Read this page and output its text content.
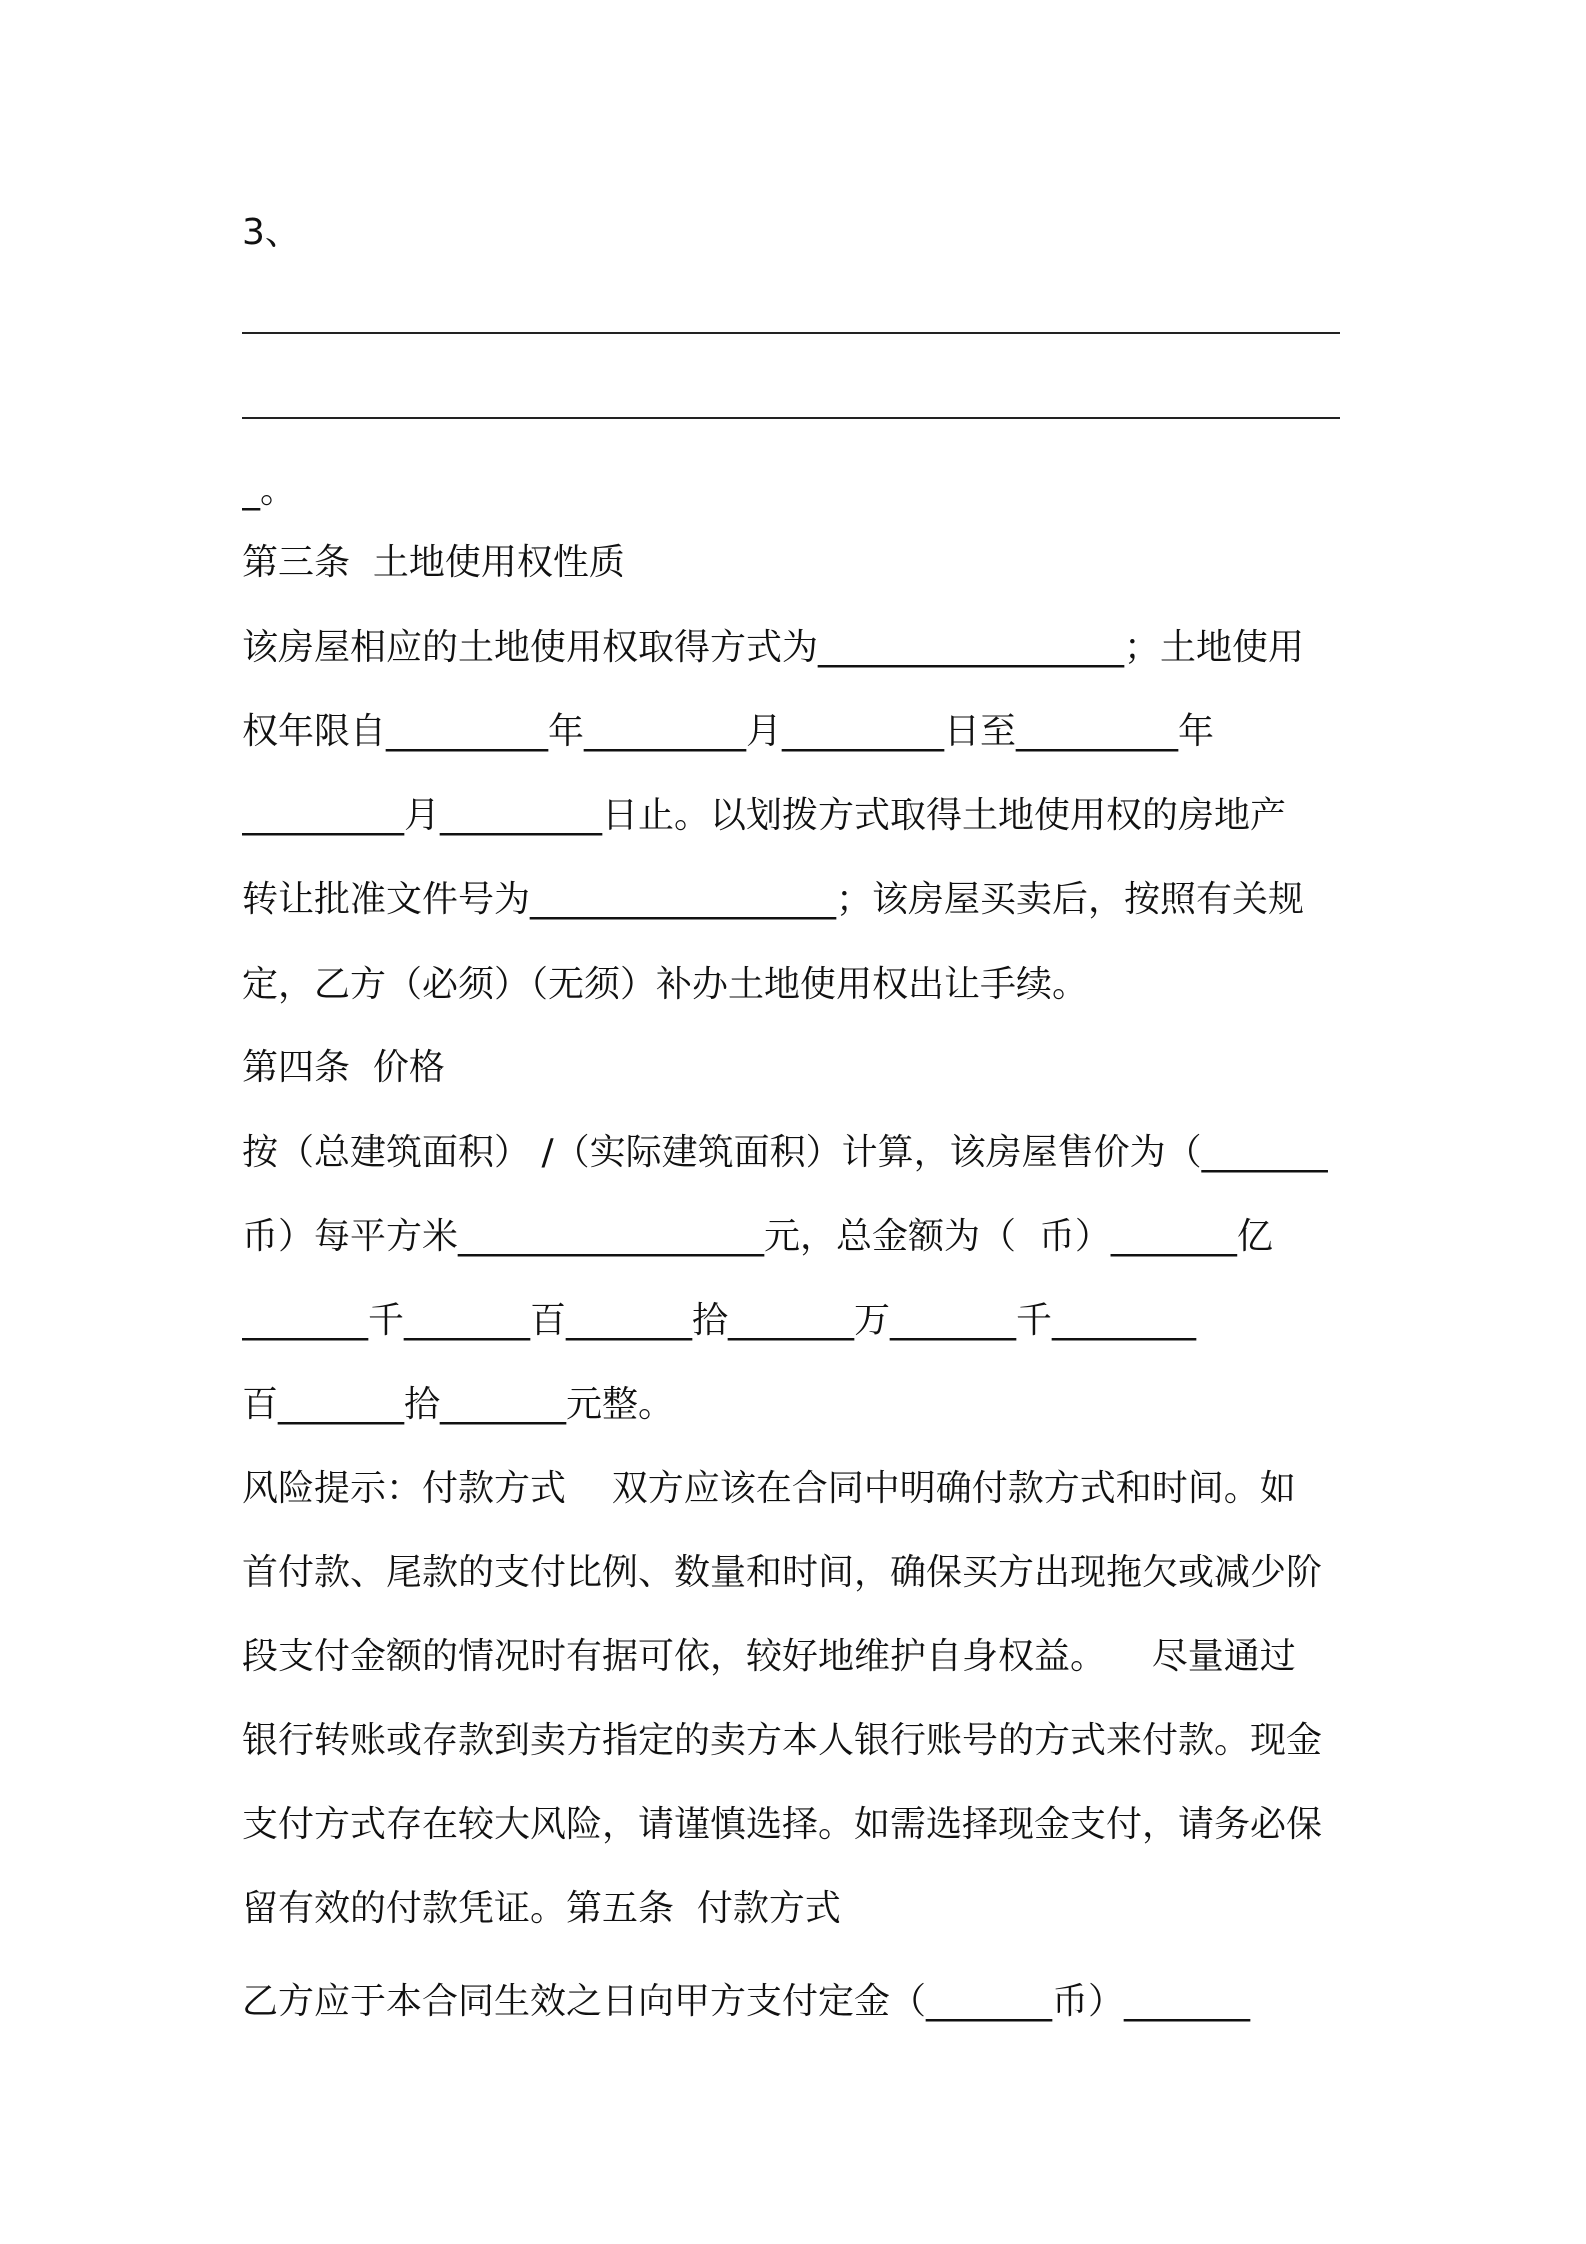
3、
_。
第三条  土地使用权性质
该房屋相应的土地使用权取得方式为_________________；土地使用
权年限自_________年_________月_________日至_________年
_________月_________日止。以划拨方式取得土地使用权的房地产
转让批准文件号为_________________；该房屋买卖后，按照有关规
定，乙方（必须）（无须）补办土地使用权出让手续。
第四条  价格
按（总建筑面积） /（实际建筑面积）计算，该房屋售价为（_______
币）每平方米_________________元，总金额为（  币）_______亿
_______千_______百_______拾_______万_______千________
百_______拾_______元整。
风险提示：付款方式    双方应该在合同中明确付款方式和时间。如
首付款、尾款的支付比例、数量和时间，确保买方出现拖欠或减少阶
段支付金额的情况时有据可依，较好地维护自身权益。    尽量通过
银行转账或存款到卖方指定的卖方本人银行账号的方式来付款。现金
支付方式存在较大风险，请谨慎选择。如需选择现金支付，请务必保
留有效的付款凭证。第五条  付款方式
乙方应于本合同生效之日向甲方支付定金（_______币）_______
